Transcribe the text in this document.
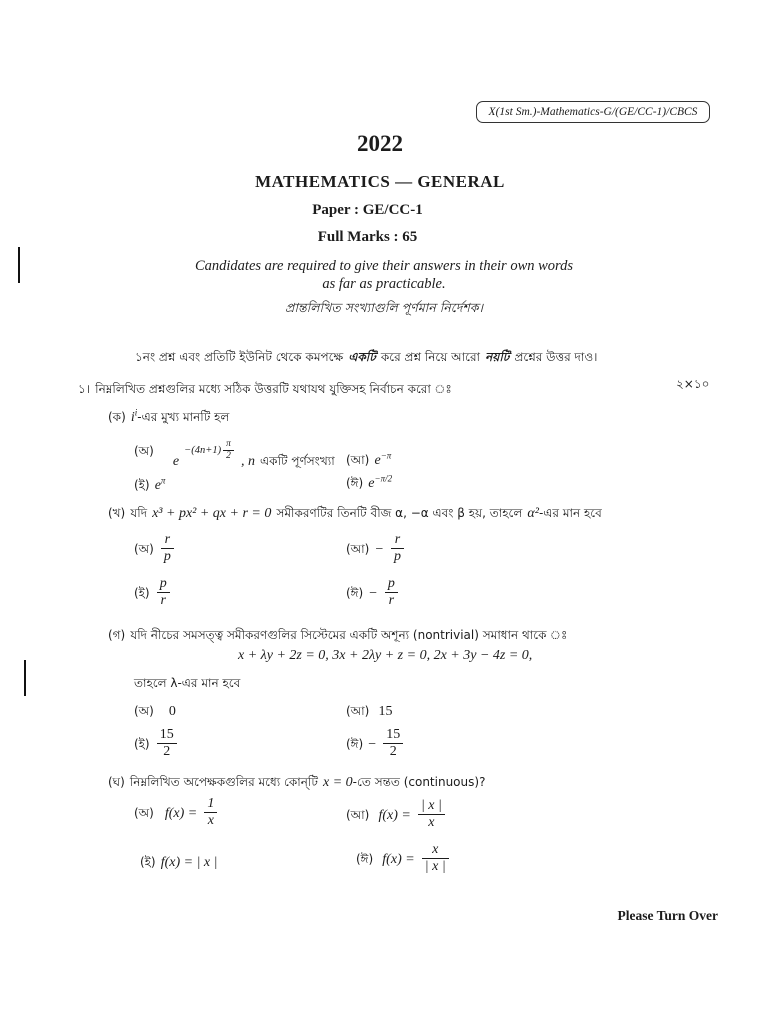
X(1st Sm.)-Mathematics-G/(GE/CC-1)/CBCS
2022
MATHEMATICS — GENERAL
Paper : GE/CC-1
Full Marks : 65
Candidates are required to give their answers in their own words
as far as practicable.
প্রান্তলিখিত সংখ্যাগুলি পূর্ণমান নির্দেশক।
১নং প্রশ্ন এবং প্রতিটি ইউনিট থেকে কমপক্ষে একটি করে প্রশ্ন নিয়ে আরো নয়টি প্রশ্নের উত্তর দাও।
১। নিম্নলিখিত প্রশ্নগুলির মধ্যে সঠিক উত্তরটি যথাযথ যুক্তিসহ নির্বাচন করো ঃ	২×১০
(ক) $i^i-এর$ মুখ্য মানটি হল
(অ) $e -(4n+1) \frac{\pi}{2}$ , n $_{একটি পূর্ণসংখ্যা}$ (আ) $e^{-\pi}$
(ই) $e^\pi$	(ঈ) $e^{-\pi/2}$
(খ) যদি x³ + px² + qx + r = 0 সমীকরণটির তিনটি বীজ α, −α এবং β হয়, তাহলে α²-এর মান হবে
(অ) $\frac{r}{p}$	(আ) − $\frac{r}{p}$
(ই) $\frac{p}{r}$	(ঈ) − $\frac{p}{r}$
(গ) যদি নীচের সমসত্ত্ব সমীকরণগুলির সিস্টেমের একটি অশূন্য (nontrivial) সমাধান থাকে ঃ
x + λy + 2z = 0, 3x + 2λy + z = 0, 2x + 3y − 4z = 0,
তাহলে λ-এর মান হবে
(অ) 0	(আ) 15
(ই) $\frac{15}{2}$	(ঈ) − $\frac{15}{2}$
(ঘ) নিম্নলিখিত অপেক্ষকগুলির মধ্যে কোন্‌টি x = 0-তে সন্তত (continuous)?
(অ) $f(x) = \frac{1}{x}$	(আ) $f(x) = \frac{| x |}{x}$
(ই) f(x) = | x |	(ঈ) $f(x) = \frac{x}{| x |}$
Please Turn Over
